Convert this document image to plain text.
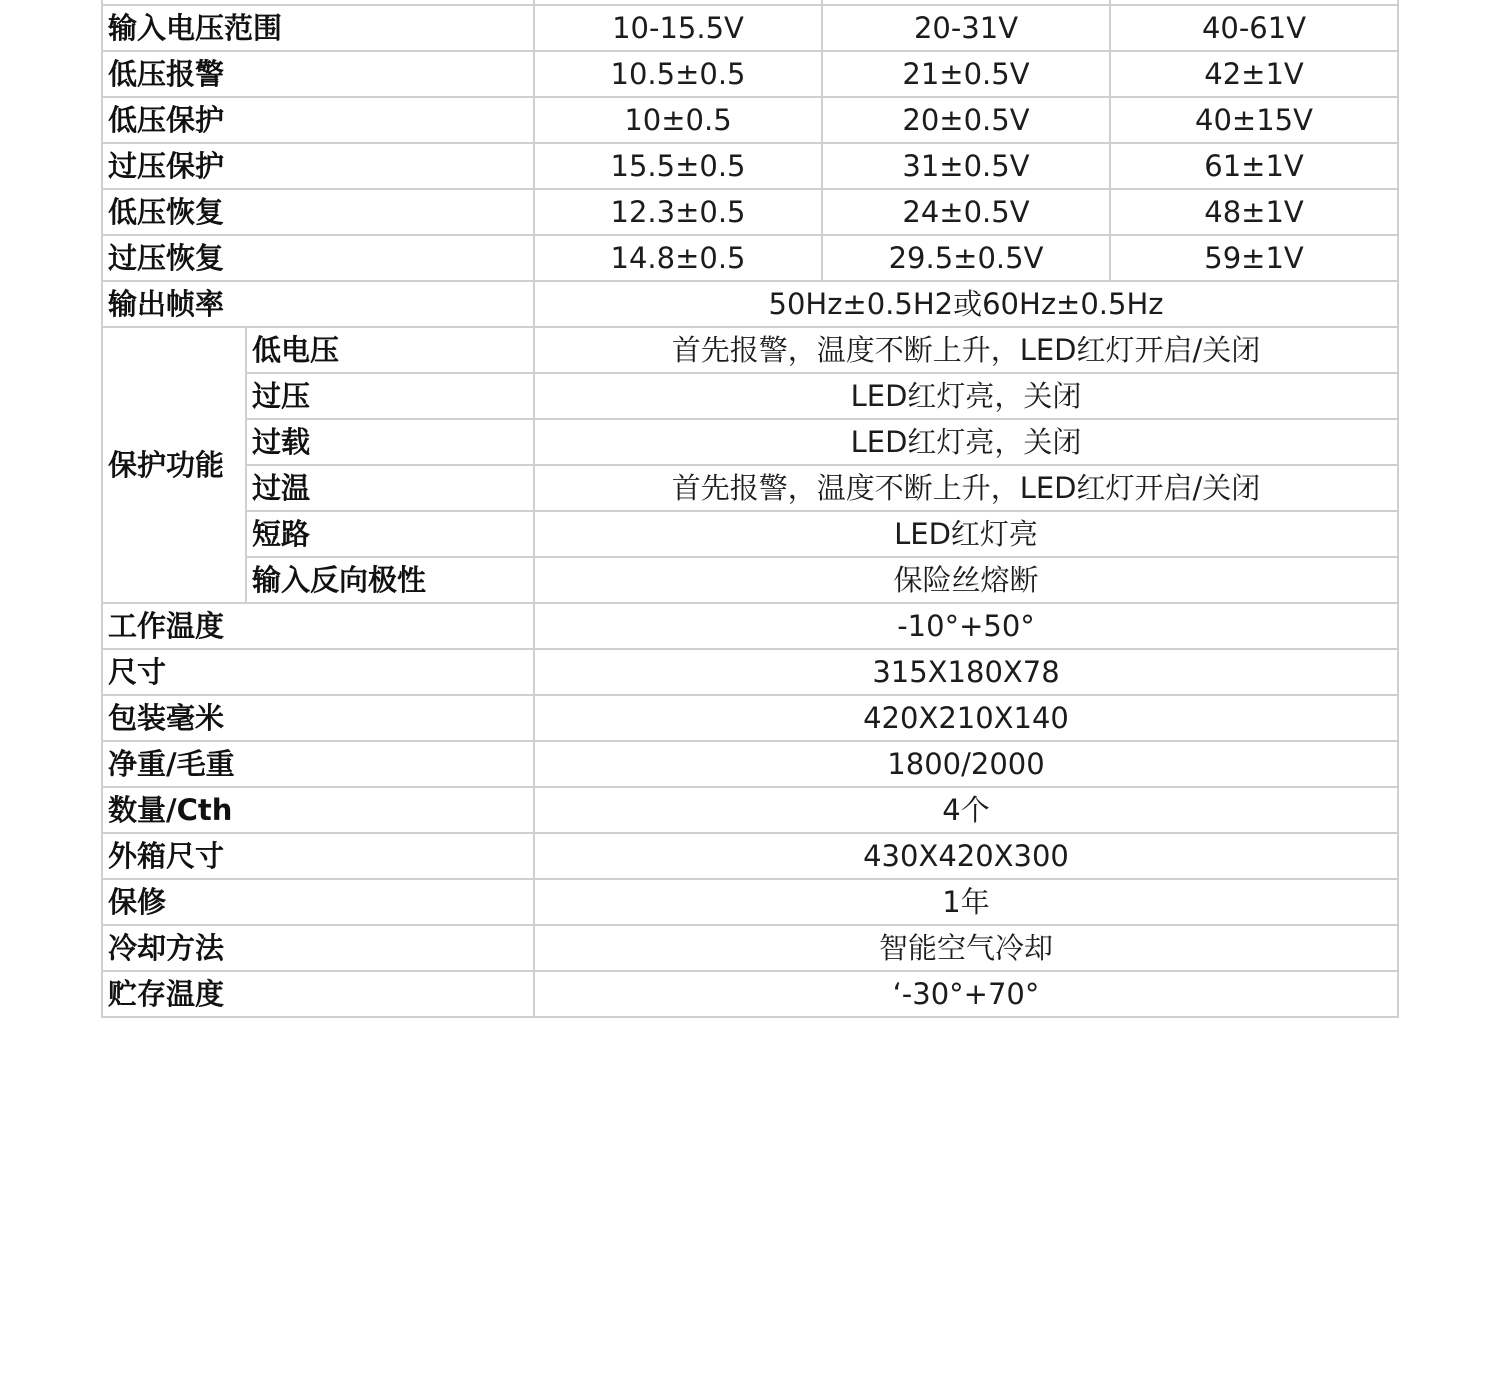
输入电压范围		10-15.5V	20-31V	40-61V
低压报警		10.5±0.5	21±0.5V	42±1V
低压保护		10±0.5	20±0.5V	40±15V
过压保护		15.5±0.5	31±0.5V	61±1V
低压恢复		12.3±0.5	24±0.5V	48±1V
过压恢复		14.8±0.5	29.5±0.5V	59±1V
输出帧率		50Hz±0.5H2或60Hz±0.5Hz		
保护功能	低电压	首先报警，温度不断上升，LED红灯开启/关闭		
	过压	LED红灯亮，关闭		
	过载	LED红灯亮，关闭		
	过温	首先报警，温度不断上升，LED红灯开启/关闭		
	短路	LED红灯亮		
	输入反向极性	保险丝熔断		
工作温度		-10°+50°		
尺寸		315X180X78		
包装毫米		420X210X140		
净重/毛重		1800/2000		
数量/Cth		4个		
外箱尺寸		430X420X300		
保修		1年		
冷却方法		智能空气冷却		
贮存温度		‘-30°+70°		
